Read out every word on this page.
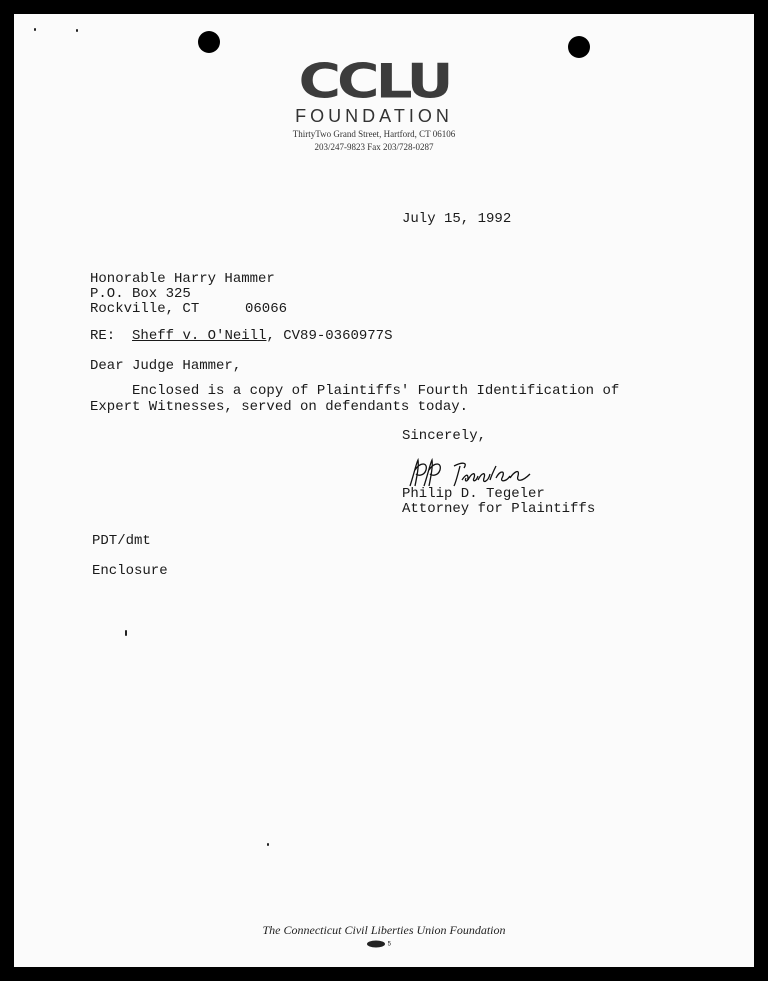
CCLU
FOUNDATION
ThirtyTwo Grand Street, Hartford, CT 06106
203/247-9823 Fax 203/728-0287
July 15, 1992
Honorable Harry Hammer
P.O. Box 325
Rockville, CT	06066
RE: Sheff v. O'Neill, CV89-0360977S
Dear Judge Hammer,
Enclosed is a copy of Plaintiffs' Fourth Identification of
Expert Witnesses, served on defendants today.
Sincerely,
Philip D. Tegeler
Attorney for Plaintiffs
PDT/dmt
Enclosure
The Connecticut Civil Liberties Union Foundation
5
